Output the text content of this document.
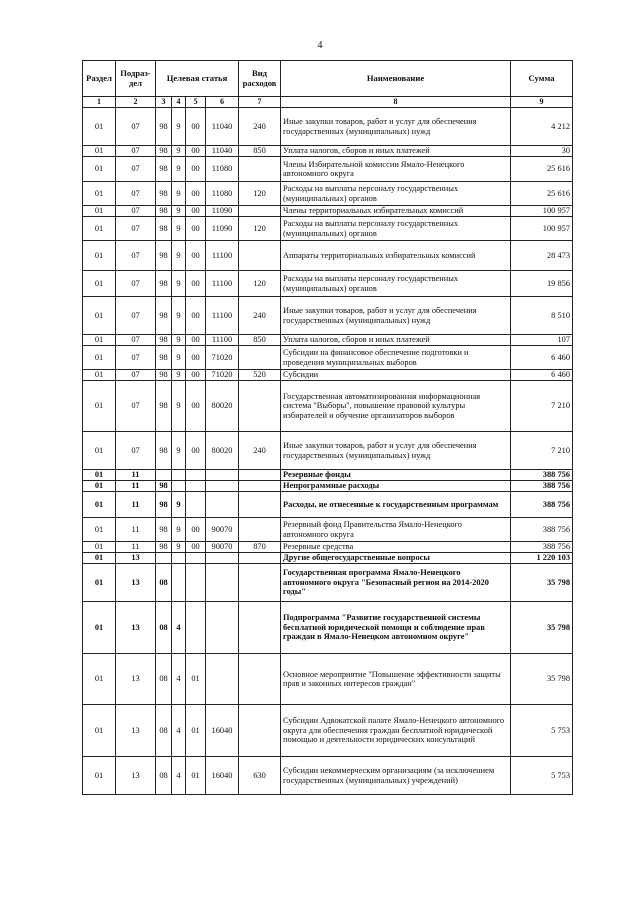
4
Раздел	Подраз-дел	Целевая статья				Вид расходов	Наименование	Сумма
1	2	3	4	5	6	7	8	9
01	07	98	9	00	11040	240	Иные закупки товаров, работ и услуг для обеспечения государственных (муниципальных) нужд	4 212
01	07	98	9	00	11040	850	Уплата налогов, сборов и иных платежей	30
01	07	98	9	00	11080		Члены Избирательной комиссии Ямало-Ненецкого автономного округа	25 616
01	07	98	9	00	11080	120	Расходы на выплаты персоналу государственных (муниципальных) органов	25 616
01	07	98	9	00	11090		Члены территориальных избирательных комиссий	100 957
01	07	98	9	00	11090	120	Расходы на выплаты персоналу государственных (муниципальных) органов	100 957
01	07	98	9	00	11100		Аппараты территориальных избирательных комиссий	28 473
01	07	98	9	00	11100	120	Расходы на выплаты персоналу государственных (муниципальных) органов	19 856
01	07	98	9	00	11100	240	Иные закупки товаров, работ и услуг для обеспечения государственных (муниципальных) нужд	8 510
01	07	98	9	00	11100	850	Уплата налогов, сборов и иных платежей	107
01	07	98	9	00	71020		Субсидии на финансовое обеспечение подготовки и проведения муниципальных выборов	6 460
01	07	98	9	00	71020	520	Субсидии	6 460
01	07	98	9	00	80020		Государственная автоматизированная информационная система "Выборы", повышение правовой культуры избирателей и обучение организаторов выборов	7 210
01	07	98	9	00	80020	240	Иные закупки товаров, работ и услуг для обеспечения государственных (муниципальных) нужд	7 210
01	11						Резервные фонды	388 756
01	11	98					Непрограммные расходы	388 756
01	11	98	9				Расходы, не отнесенные к государственным программам	388 756
01	11	98	9	00	90070		Резервный фонд Правительства Ямало-Ненецкого автономного округа	388 756
01	11	98	9	00	90070	870	Резервные средства	388 756
01	13						Другие общегосударственные вопросы	1 220 103
01	13	08					Государственная программа Ямало-Ненецкого автономного округа "Безопасный регион на 2014-2020 годы"	35 798
01	13	08	4				Подпрограмма "Развитие государственной системы бесплатной юридической помощи и соблюдение прав граждан в Ямало-Ненецком автономном округе"	35 798
01	13	08	4	01			Основное мероприятие "Повышение эффективности защиты прав и законных интересов граждан"	35 798
01	13	08	4	01	16040		Субсидии Адвокатской палате Ямало-Ненецкого автономного округа для обеспечения граждан бесплатной юридической помощью и деятельности юридических консультаций	5 753
01	13	08	4	01	16040	630	Субсидии некоммерческим организациям (за исключением государственных (муниципальных) учреждений)	5 753
